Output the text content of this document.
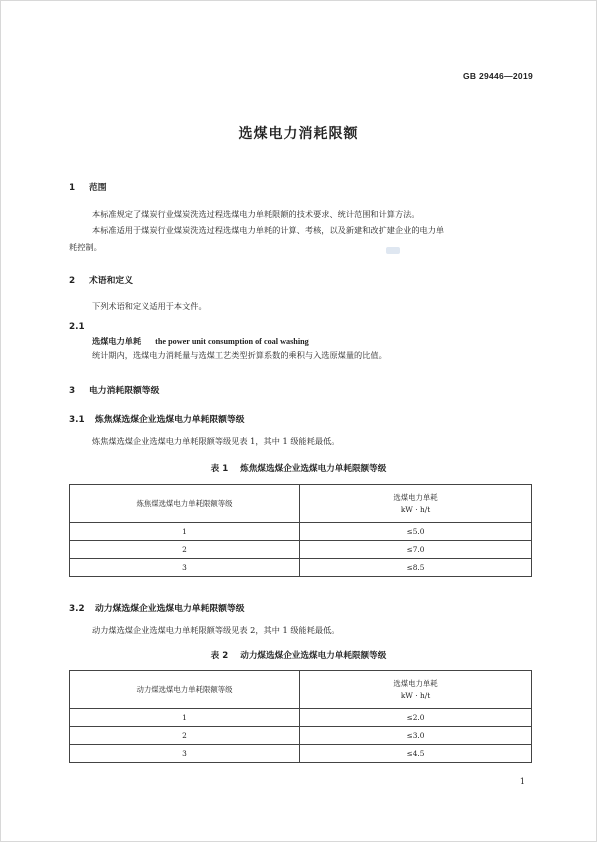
GB 29446—2019
选煤电力消耗限额
1 范围
本标准规定了煤炭行业煤炭洗选过程选煤电力单耗限额的技术要求、统计范围和计算方法。
本标准适用于煤炭行业煤炭洗选过程选煤电力单耗的计算、考核，以及新建和改扩建企业的电力单
耗控制。
2 术语和定义
下列术语和定义适用于本文件。
2.1
选煤电力单耗 the power unit consumption of coal washing
统计期内，选煤电力消耗量与选煤工艺类型折算系数的乘积与入选原煤量的比值。
3 电力消耗限额等级
3.1 炼焦煤选煤企业选煤电力单耗限额等级
炼焦煤选煤企业选煤电力单耗限额等级见表 1，其中 1 级能耗最低。
表 1 炼焦煤选煤企业选煤电力单耗限额等级
炼焦煤选煤电力单耗限额等级	选煤电力单耗
kW · h/t

1	≤5.0
2	≤7.0
3	≤8.5
3.2 动力煤选煤企业选煤电力单耗限额等级
动力煤选煤企业选煤电力单耗限额等级见表 2，其中 1 级能耗最低。
表 2 动力煤选煤企业选煤电力单耗限额等级
动力煤选煤电力单耗限额等级	选煤电力单耗
kW · h/t

1	≤2.0
2	≤3.0
3	≤4.5
1
